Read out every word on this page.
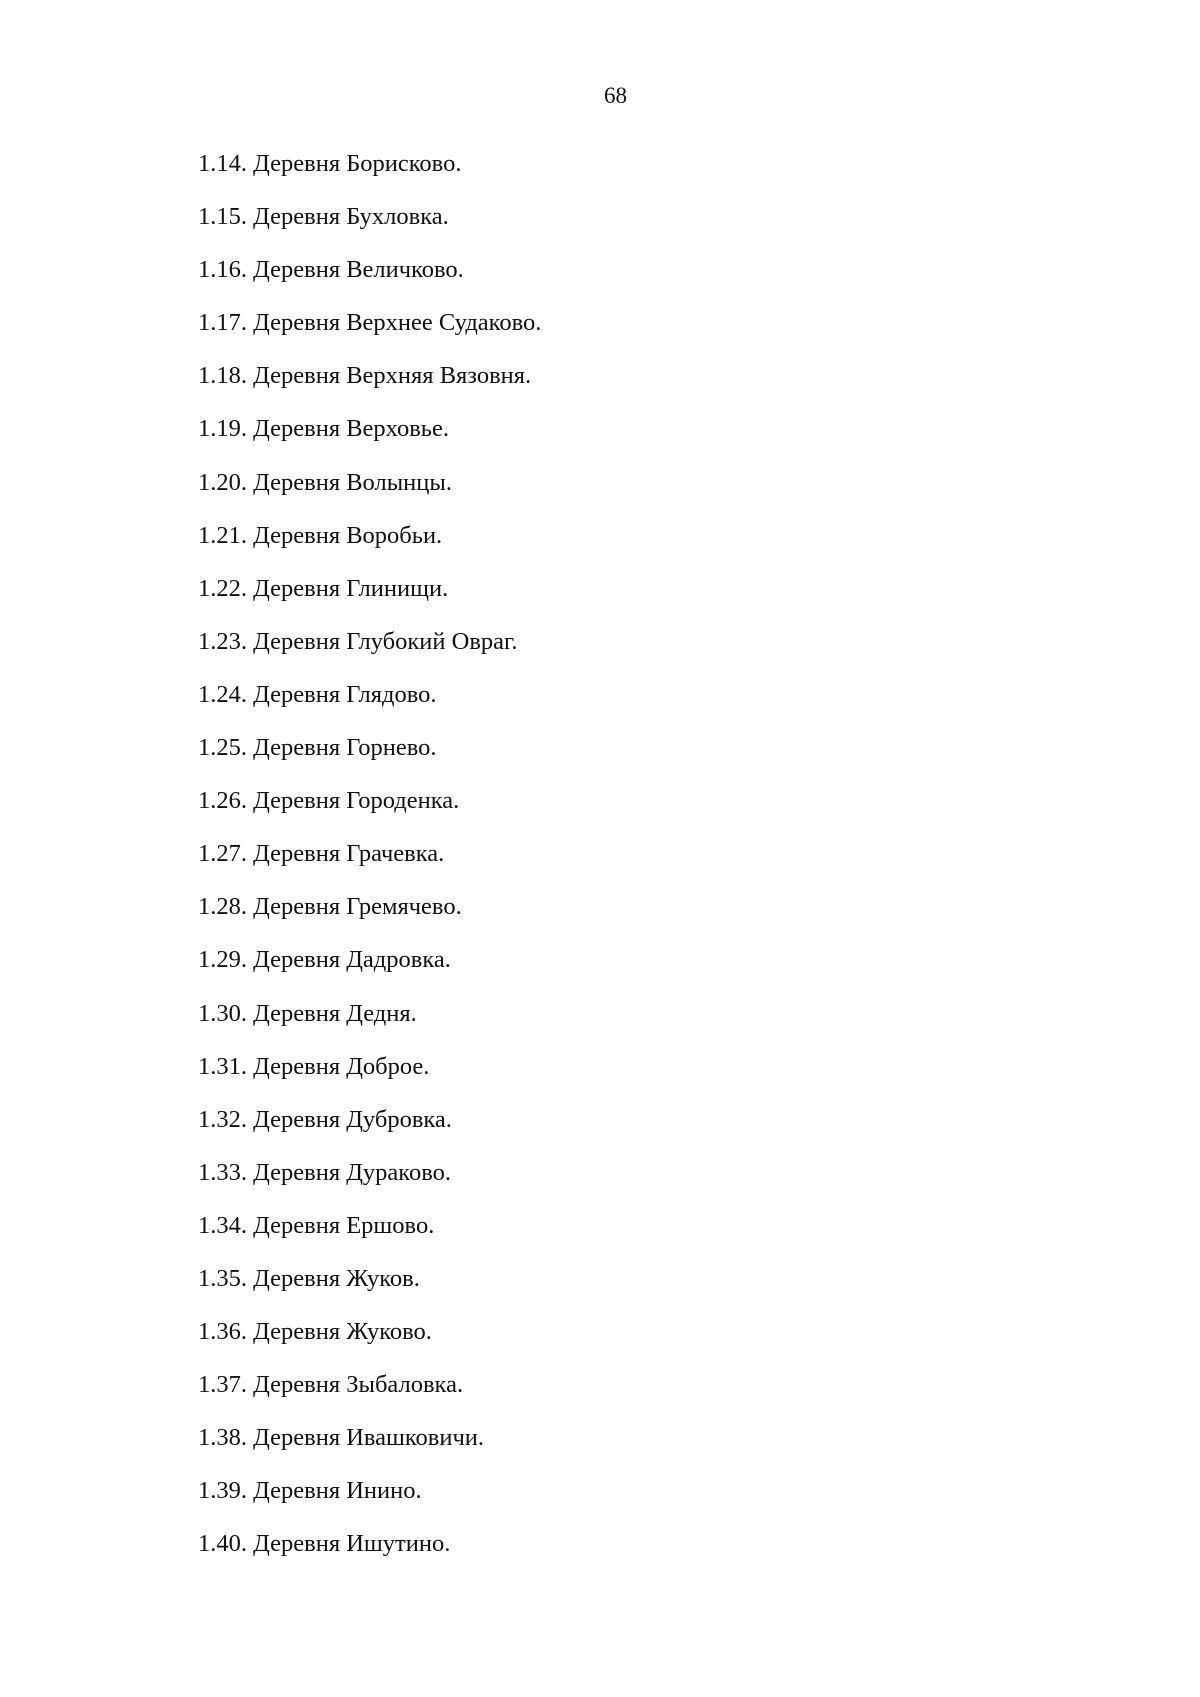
68
1.14. Деревня Борисково.
1.15. Деревня Бухловка.
1.16. Деревня Величково.
1.17. Деревня Верхнее Судаково.
1.18. Деревня Верхняя Вязовня.
1.19. Деревня Верховье.
1.20. Деревня Волынцы.
1.21. Деревня Воробьи.
1.22. Деревня Глинищи.
1.23. Деревня Глубокий Овраг.
1.24. Деревня Глядово.
1.25. Деревня Горнево.
1.26. Деревня Городенка.
1.27. Деревня Грачевка.
1.28. Деревня Гремячево.
1.29. Деревня Дадровка.
1.30. Деревня Дедня.
1.31. Деревня Доброе.
1.32. Деревня Дубровка.
1.33. Деревня Дураково.
1.34. Деревня Ершово.
1.35. Деревня Жуков.
1.36. Деревня Жуково.
1.37. Деревня Зыбаловка.
1.38. Деревня Ивашковичи.
1.39. Деревня Инино.
1.40. Деревня Ишутино.
